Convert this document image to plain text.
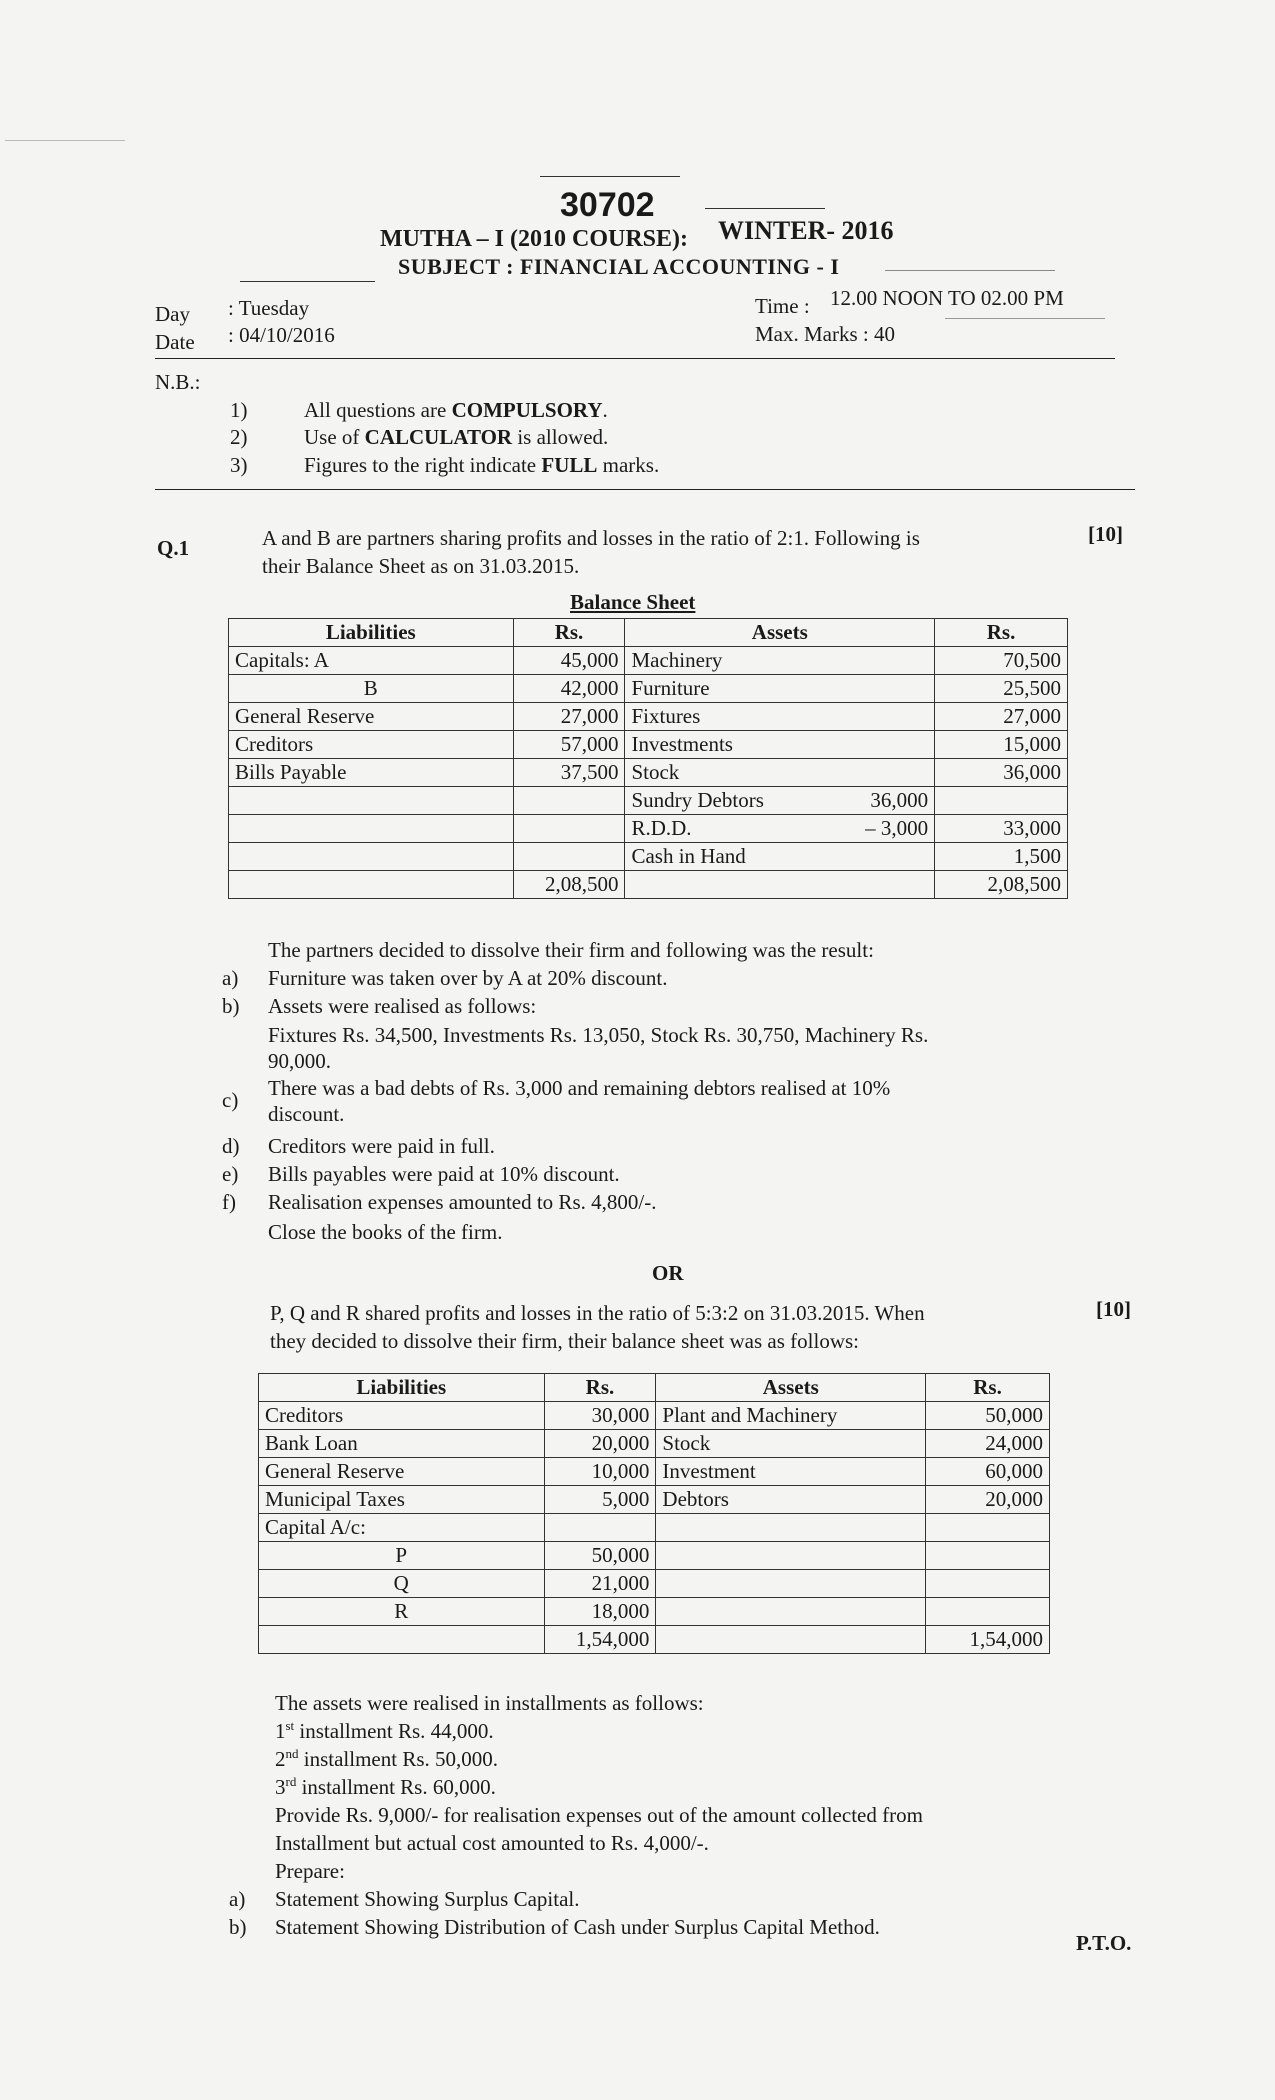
30702
MUTHA – I (2010 COURSE): WINTER- 2016
SUBJECT : FINANCIAL ACCOUNTING - I
Day : Tuesday
Date : 04/10/2016
Time : 12.00 NOON TO 02.00 PM
Max. Marks : 40
N.B.:
1)	All questions are COMPULSORY.
2)	Use of CALCULATOR is allowed.
3)	Figures to the right indicate FULL marks.
Q.1	A and B are partners sharing profits and losses in the ratio of 2:1. Following is
their Balance Sheet as on 31.03.2015.
[10]
Balance Sheet
Liabilities	Rs.	Assets	Rs.
Capitals: A	45,000	Machinery	70,500
B	42,000	Furniture	25,500
General Reserve	27,000	Fixtures	27,000
Creditors	57,000	Investments	15,000
Bills Payable	37,500	Stock	36,000

		Sundry Debtors 36,000	

		R.D.D. – 3,000	33,000

		Cash in Hand	1,500
	2,08,500		2,08,500
The partners decided to dissolve their firm and following was the result:
a)	Furniture was taken over by A at 20% discount.
b)	Assets were realised as follows:
Fixtures Rs. 34,500, Investments Rs. 13,050, Stock Rs. 30,750, Machinery Rs.
90,000.
c)	There was a bad debts of Rs. 3,000 and remaining debtors realised at 10%
discount.
d)	Creditors were paid in full.
e)	Bills payables were paid at 10% discount.
f)	Realisation expenses amounted to Rs. 4,800/-.
Close the books of the firm.
OR
P, Q and R shared profits and losses in the ratio of 5:3:2 on 31.03.2015. When
they decided to dissolve their firm, their balance sheet was as follows:
[10]
Liabilities	Rs.	Assets	Rs.
Creditors	30,000	Plant and Machinery	50,000
Bank Loan	20,000	Stock	24,000
General Reserve	10,000	Investment	60,000
Municipal Taxes	5,000	Debtors	20,000
Capital A/c:			
P	50,000		
Q	21,000		
R	18,000		
	1,54,000		1,54,000
The assets were realised in installments as follows:
1st installment Rs. 44,000.
2nd installment Rs. 50,000.
3rd installment Rs. 60,000.
Provide Rs. 9,000/- for realisation expenses out of the amount collected from
Installment but actual cost amounted to Rs. 4,000/-.
Prepare:
a) Statement Showing Surplus Capital.
b) Statement Showing Distribution of Cash under Surplus Capital Method.
P.T.O.
